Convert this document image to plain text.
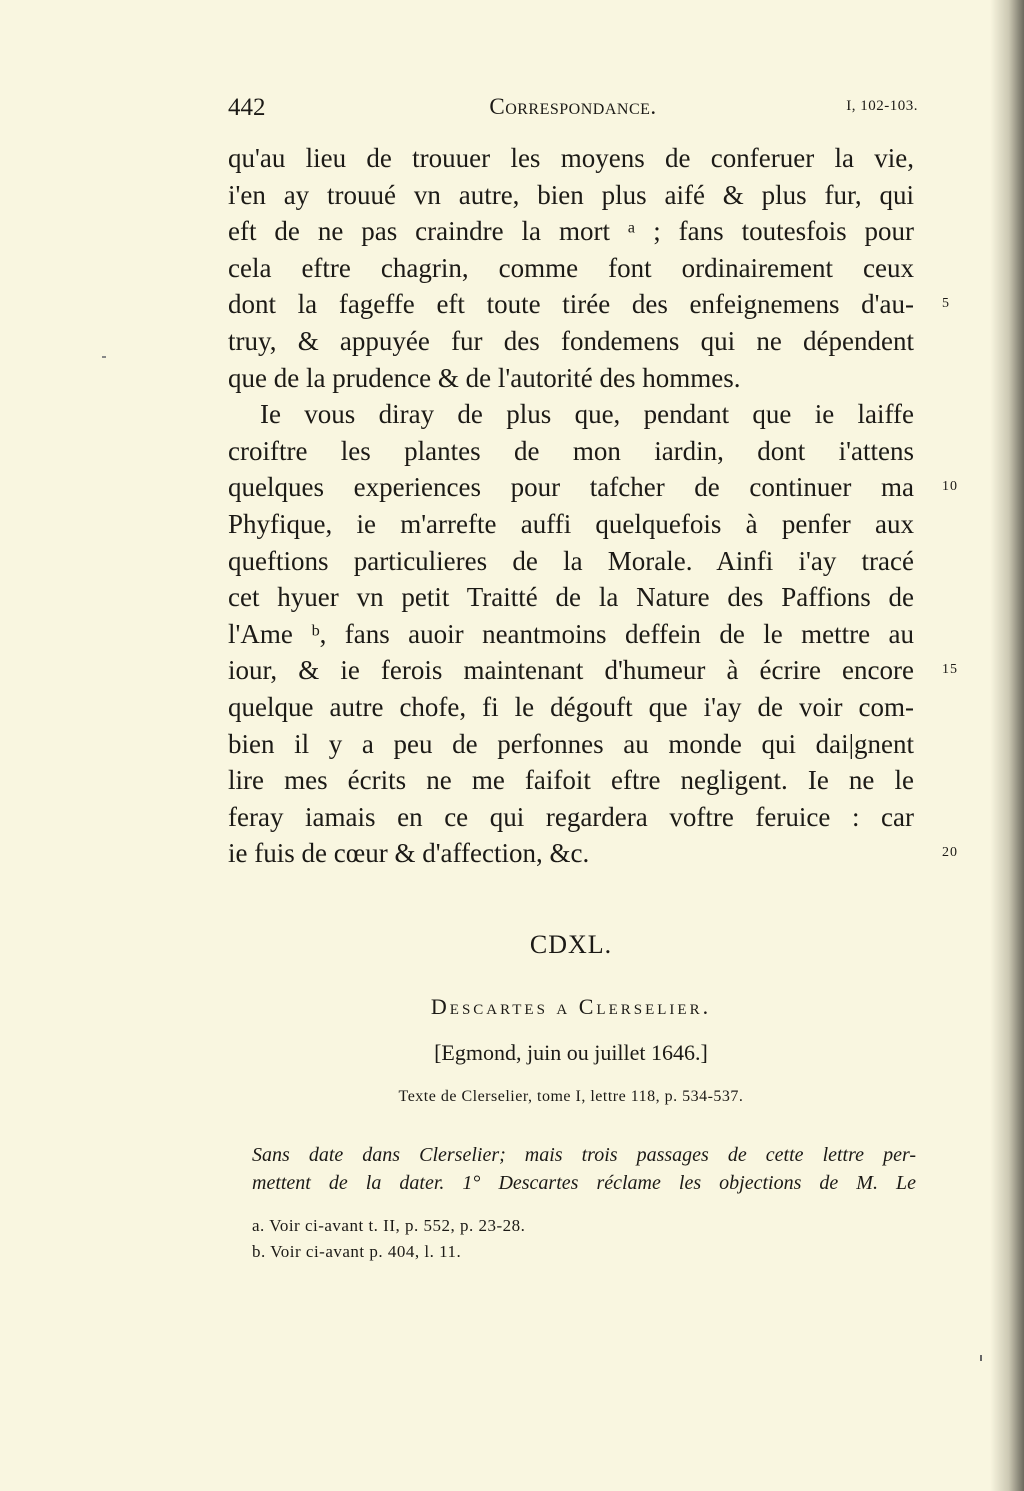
442	Correspondance.	I, 102-103.
qu'au lieu de trouuer les moyens de conferuer la vie,
i'en ay trouué vn autre, bien plus aifé & plus fur, qui
eft de ne pas craindre la mort ᵃ ; fans toutesfois pour
cela eftre chagrin, comme font ordinairement ceux
dont la fageffe eft toute tirée des enfeignemens d'au- 5
truy, & appuyée fur des fondemens qui ne dépendent
que de la prudence & de l'autorité des hommes.
Ie vous diray de plus que, pendant que ie laiffe
croiftre les plantes de mon iardin, dont i'attens
quelques experiences pour tafcher de continuer ma 10
Phyfique, ie m'arrefte auffi quelquefois à penfer aux
queftions particulieres de la Morale. Ainfi i'ay tracé
cet hyuer vn petit Traitté de la Nature des Paffions de
l'Ame ᵇ, fans auoir neantmoins deffein de le mettre au
iour, & ie ferois maintenant d'humeur à écrire encore 15
quelque autre chofe, fi le dégouft que i'ay de voir com-
bien il y a peu de perfonnes au monde qui dai|gnent
lire mes écrits ne me faifoit eftre negligent. Ie ne le
feray iamais en ce qui regardera voftre feruice : car
ie fuis de cœur & d'affection, &c.	20
CDXL.
Descartes a Clerselier.
[Egmond, juin ou juillet 1646.]
Texte de Clerselier, tome I, lettre 118, p. 534-537.
Sans date dans Clerselier; mais trois passages de cette lettre per-
mettent de la dater. 1° Descartes réclame les objections de M. Le
a. Voir ci-avant t. II, p. 552, p. 23-28.
b. Voir ci-avant p. 404, l. 11.
